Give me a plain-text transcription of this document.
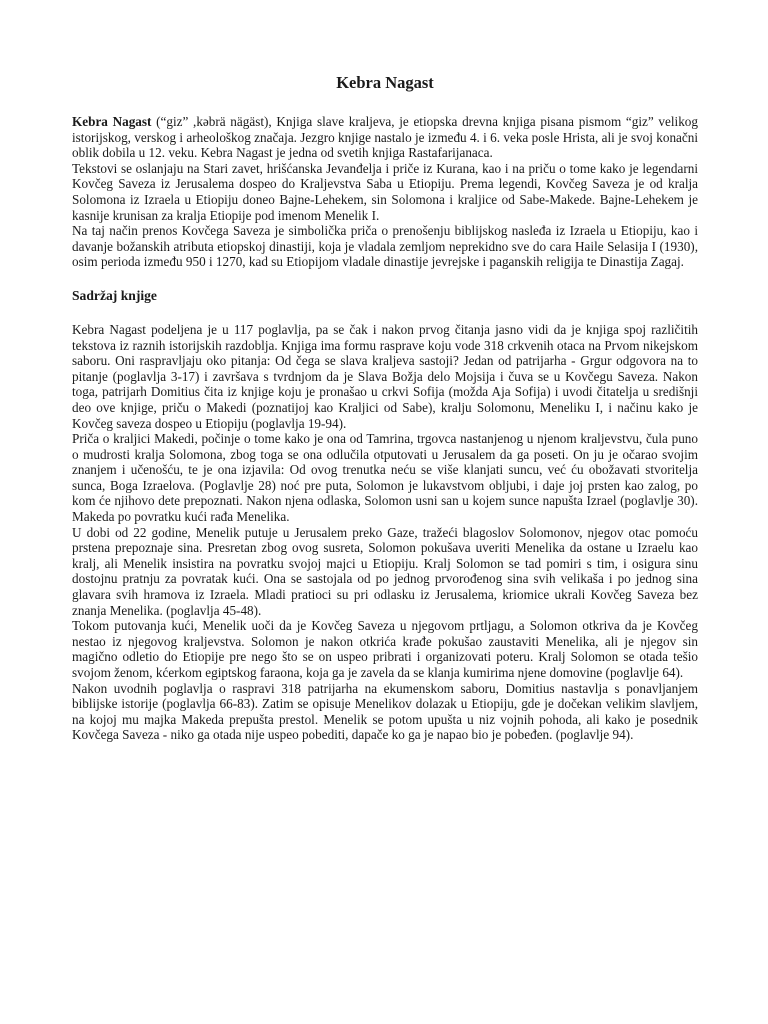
Kebra Nagast

Kebra Nagast (“giz” ,kəbrä nägäst), Knjiga slave kraljeva, je etiopska drevna knjiga pisana pismom “giz” velikog istorijskog, verskog i arheološkog značaja. Jezgro knjige nastalo je između 4. i 6. veka posle Hrista, ali je svoj konačni oblik dobila u 12. veku. Kebra Nagast je jedna od svetih knjiga Rastafarijanaca.

Tekstovi se oslanjaju na Stari zavet, hrišćanska Jevanđelja i priče iz Kurana, kao i na priču o tome kako je legendarni Kovčeg Saveza iz Jerusalema dospeo do Kraljevstva Saba u Etiopiju. Prema legendi, Kovčeg Saveza je od kralja Solomona iz Izraela u Etiopiju doneo Bajne-Lehekem, sin Solomona i kraljice od Sabe-Makede. Bajne-Lehekem je kasnije krunisan za kralja Etiopije pod imenom Menelik I.

Na taj način prenos Kovčega Saveza je simbolička priča o prenošenju biblijskog nasleđa iz Izraela u Etiopiju, kao i davanje božanskih atributa etiopskoj dinastiji, koja je vladala zemljom neprekidno sve do cara Haile Selasija I (1930), osim perioda između 950 i 1270, kad su Etiopijom vladale dinastije jevrejske i paganskih religija te Dinastija Zagaj.

Sadržaj knjige

Kebra Nagast podeljena je u 117 poglavlja, pa se čak i nakon prvog čitanja jasno vidi da je knjiga spoj različitih tekstova iz raznih istorijskih razdoblja. Knjiga ima formu rasprave koju vode 318 crkvenih otaca na Prvom nikejskom saboru. Oni raspravljaju oko pitanja: Od čega se slava kraljeva sastoji? Jedan od patrijarha - Grgur odgovora na to pitanje (poglavlja 3-17) i završava s tvrdnjom da je Slava Božja delo Mojsija i čuva se u Kovčegu Saveza. Nakon toga, patrijarh Domitius čita iz knjige koju je pronašao u crkvi Sofija (možda Aja Sofija) i uvodi čitatelja u središnji deo ove knjige, priču o Makedi (poznatijoj kao Kraljici od Sabe), kralju Solomonu, Meneliku I, i načinu kako je Kovčeg saveza dospeo u Etiopiju (poglavlja 19-94).

Priča o kraljici Makedi, počinje o tome kako je ona od Tamrina, trgovca nastanjenog u njenom kraljevstvu, čula puno o mudrosti kralja Solomona, zbog toga se ona odlučila otputovati u Jerusalem da ga poseti. On ju je očarao svojim znanjem i učenošću, te je ona izjavila: Od ovog trenutka neću se više klanjati suncu, već ću obožavati stvoritelja sunca, Boga Izraelova. (Poglavlje 28) noć pre puta, Solomon je lukavstvom obljubi, i daje joj prsten kao zalog, po kom će njihovo dete prepoznati. Nakon njena odlaska, Solomon usni san u kojem sunce napušta Izrael (poglavlje 30). Makeda po povratku kući rađa Menelika.

U dobi od 22 godine, Menelik putuje u Jerusalem preko Gaze, tražeći blagoslov Solomonov, njegov otac pomoću prstena prepoznaje sina. Presretan zbog ovog susreta, Solomon pokušava uveriti Menelika da ostane u Izraelu kao kralj, ali Menelik insistira na povratku svojoj majci u Etiopiju. Kralj Solomon se tad pomiri s tim, i osigura sinu dostojnu pratnju za povratak kući. Ona se sastojala od po jednog prvorođenog sina svih velikaša i po jednog sina glavara svih hramova iz Izraela. Mladi pratioci su pri odlasku iz Jerusalema, kriomice ukrali Kovčeg Saveza bez znanja Menelika. (poglavlja 45-48).

Tokom putovanja kući, Menelik uoči da je Kovčeg Saveza u njegovom prtljagu, a Solomon otkriva da je Kovčeg nestao iz njegovog kraljevstva. Solomon je nakon otkrića krađe pokušao zaustaviti Menelika, ali je njegov sin magično odletio do Etiopije pre nego što se on uspeo pribrati i organizovati poteru. Kralj Solomon se otada tešio svojom ženom, kćerkom egiptskog faraona, koja ga je zavela da se klanja kumirima njene domovine (poglavlje 64).

Nakon uvodnih poglavlja o raspravi 318 patrijarha na ekumenskom saboru, Domitius nastavlja s ponavljanjem biblijske istorije (poglavlja 66-83). Zatim se opisuje Menelikov dolazak u Etiopiju, gde je dočekan velikim slavljem, na kojoj mu majka Makeda prepušta prestol. Menelik se potom upušta u niz vojnih pohoda, ali kako je posednik Kovčega Saveza - niko ga otada nije uspeo pobediti, dapače ko ga je napao bio je pobeđen. (poglavlje 94).
